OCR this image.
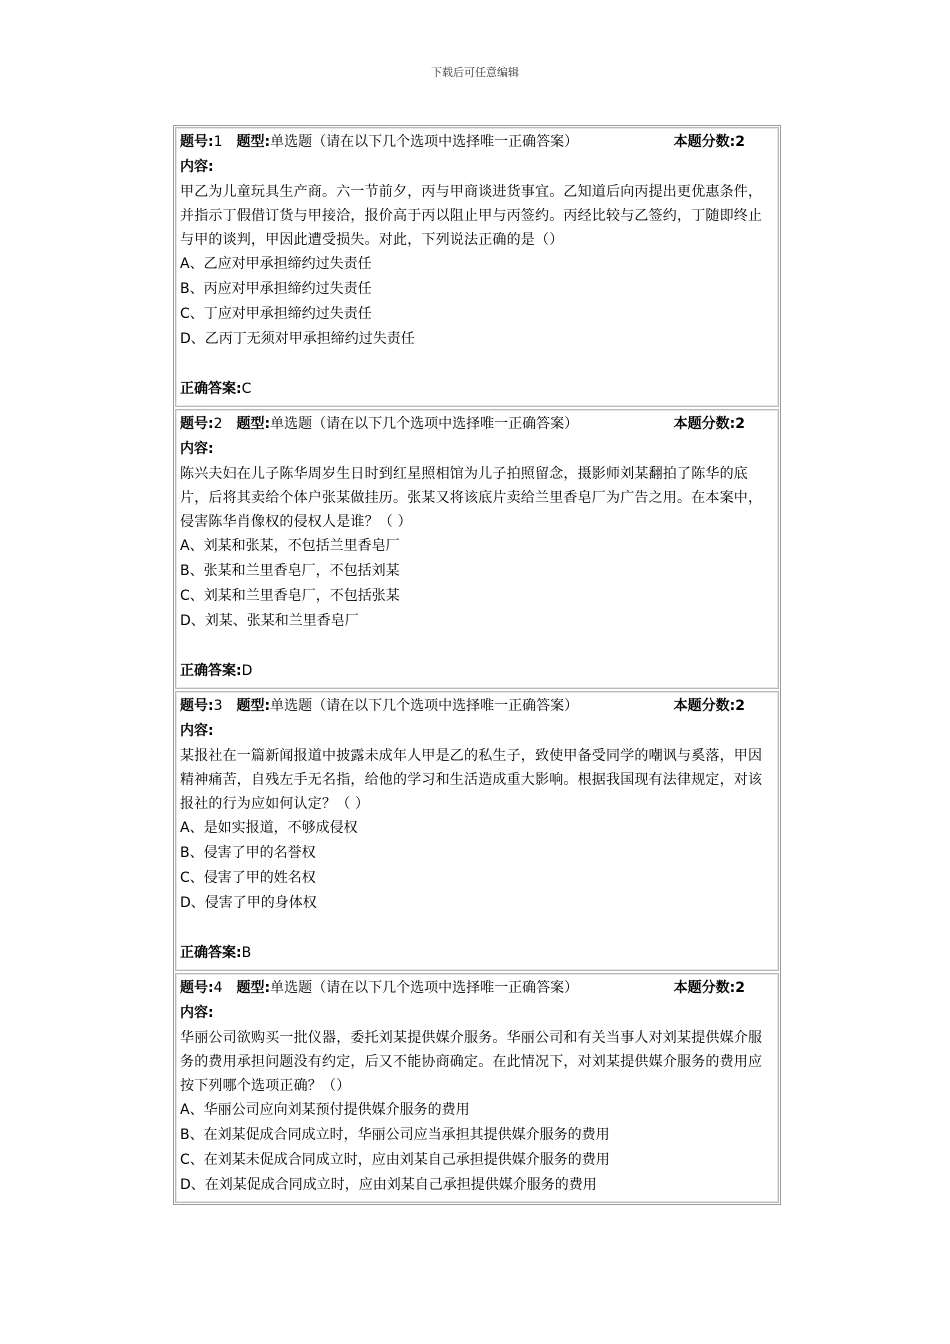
下载后可任意编辑
题号:1 题型:单选题（请在以下几个选项中选择唯一正确答案）	本题分数:2
内容:
甲乙为儿童玩具生产商。六一节前夕，丙与甲商谈进货事宜。乙知道后向丙提出更优惠条件，并指示丁假借订货与甲接洽，报价高于丙以阻止甲与丙签约。丙经比较与乙签约，丁随即终止与甲的谈判，甲因此遭受损失。对此，下列说法正确的是（）
A、乙应对甲承担缔约过失责任
B、丙应对甲承担缔约过失责任
C、丁应对甲承担缔约过失责任
D、乙丙丁无须对甲承担缔约过失责任
正确答案:C
题号:2 题型:单选题（请在以下几个选项中选择唯一正确答案）	本题分数:2
内容:
陈兴夫妇在儿子陈华周岁生日时到红星照相馆为儿子拍照留念，摄影师刘某翻拍了陈华的底片，后将其卖给个体户张某做挂历。张某又将该底片卖给兰里香皂厂为广告之用。在本案中，侵害陈华肖像权的侵权人是谁？（ ）
A、刘某和张某，不包括兰里香皂厂
B、张某和兰里香皂厂，不包括刘某
C、刘某和兰里香皂厂，不包括张某
D、刘某、张某和兰里香皂厂
正确答案:D
题号:3 题型:单选题（请在以下几个选项中选择唯一正确答案）	本题分数:2
内容:
某报社在一篇新闻报道中披露未成年人甲是乙的私生子，致使甲备受同学的嘲讽与奚落，甲因精神痛苦，自残左手无名指，给他的学习和生活造成重大影响。根据我国现有法律规定，对该报社的行为应如何认定？（ ）
A、是如实报道，不够成侵权
B、侵害了甲的名誉权
C、侵害了甲的姓名权
D、侵害了甲的身体权
正确答案:B
题号:4 题型:单选题（请在以下几个选项中选择唯一正确答案）	本题分数:2
内容:
华丽公司欲购买一批仪器，委托刘某提供媒介服务。华丽公司和有关当事人对刘某提供媒介服务的费用承担问题没有约定，后又不能协商确定。在此情况下，对刘某提供媒介服务的费用应按下列哪个选项正确？（）
A、华丽公司应向刘某预付提供媒介服务的费用
B、在刘某促成合同成立时，华丽公司应当承担其提供媒介服务的费用
C、在刘某未促成合同成立时，应由刘某自己承担提供媒介服务的费用
D、在刘某促成合同成立时，应由刘某自己承担提供媒介服务的费用
